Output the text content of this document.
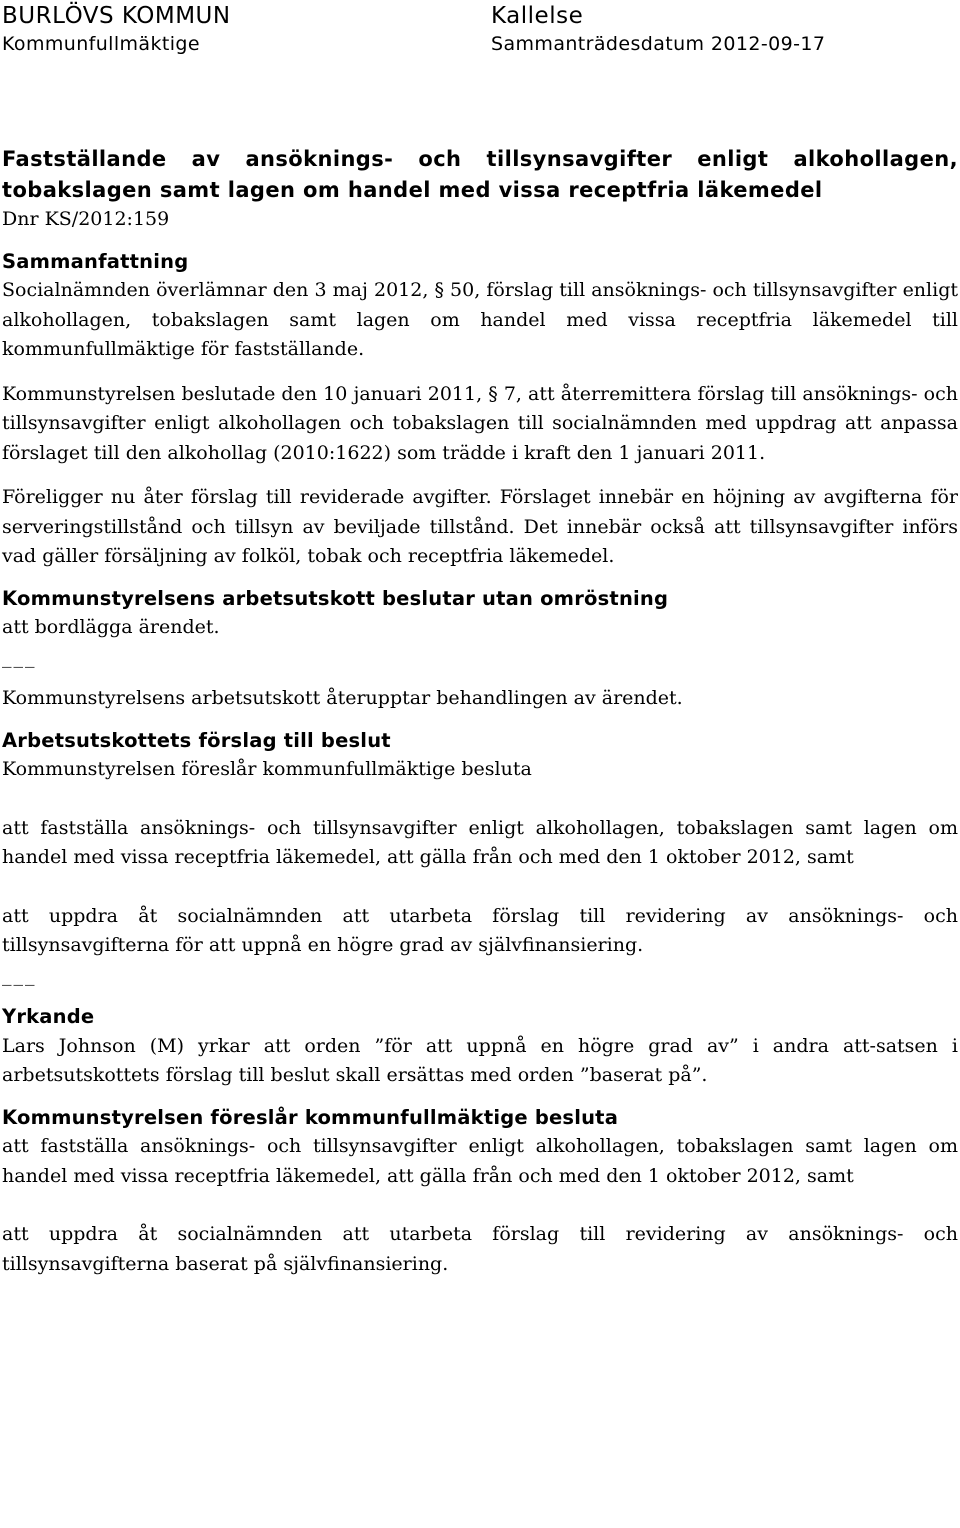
BURLÖVS KOMMUN	Kallelse
Kommunfullmäktige	Sammanträdesdatum 2012-09-17

Fastställande av ansöknings- och tillsynsavgifter enligt alkohollagen, tobakslagen samt lagen om handel med vissa receptfria läkemedel

Dnr KS/2012:159

Sammanfattning

Socialnämnden överlämnar den 3 maj 2012, § 50, förslag till ansöknings- och tillsynsavgifter enligt alkohollagen, tobakslagen samt lagen om handel med vissa receptfria läkemedel till kommunfullmäktige för fastställande.

Kommunstyrelsen beslutade den 10 januari 2011, § 7, att återremittera förslag till ansöknings- och tillsynsavgifter enligt alkohollagen och tobakslagen till socialnämnden med uppdrag att anpassa förslaget till den alkohollag (2010:1622) som trädde i kraft den 1 januari 2011.

Föreligger nu åter förslag till reviderade avgifter. Förslaget innebär en höjning av avgifterna för serveringstillstånd och tillsyn av beviljade tillstånd. Det innebär också att tillsynsavgifter införs vad gäller försäljning av folköl, tobak och receptfria läkemedel.

Kommunstyrelsens arbetsutskott beslutar utan omröstning

att bordlägga ärendet.

___

Kommunstyrelsens arbetsutskott återupptar behandlingen av ärendet.

Arbetsutskottets förslag till beslut

Kommunstyrelsen föreslår kommunfullmäktige besluta

att fastställa ansöknings- och tillsynsavgifter enligt alkohollagen, tobakslagen samt lagen om handel med vissa receptfria läkemedel, att gälla från och med den 1 oktober 2012, samt

att uppdra åt socialnämnden att utarbeta förslag till revidering av ansöknings- och tillsynsavgifterna för att uppnå en högre grad av självfinansiering.

___

Yrkande

Lars Johnson (M) yrkar att orden ”för att uppnå en högre grad av” i andra att-satsen i arbetsutskottets förslag till beslut skall ersättas med orden ”baserat på”.

Kommunstyrelsen föreslår kommunfullmäktige besluta

att fastställa ansöknings- och tillsynsavgifter enligt alkohollagen, tobakslagen samt lagen om handel med vissa receptfria läkemedel, att gälla från och med den 1 oktober 2012, samt

att uppdra åt socialnämnden att utarbeta förslag till revidering av ansöknings- och tillsynsavgifterna baserat på självfinansiering.
